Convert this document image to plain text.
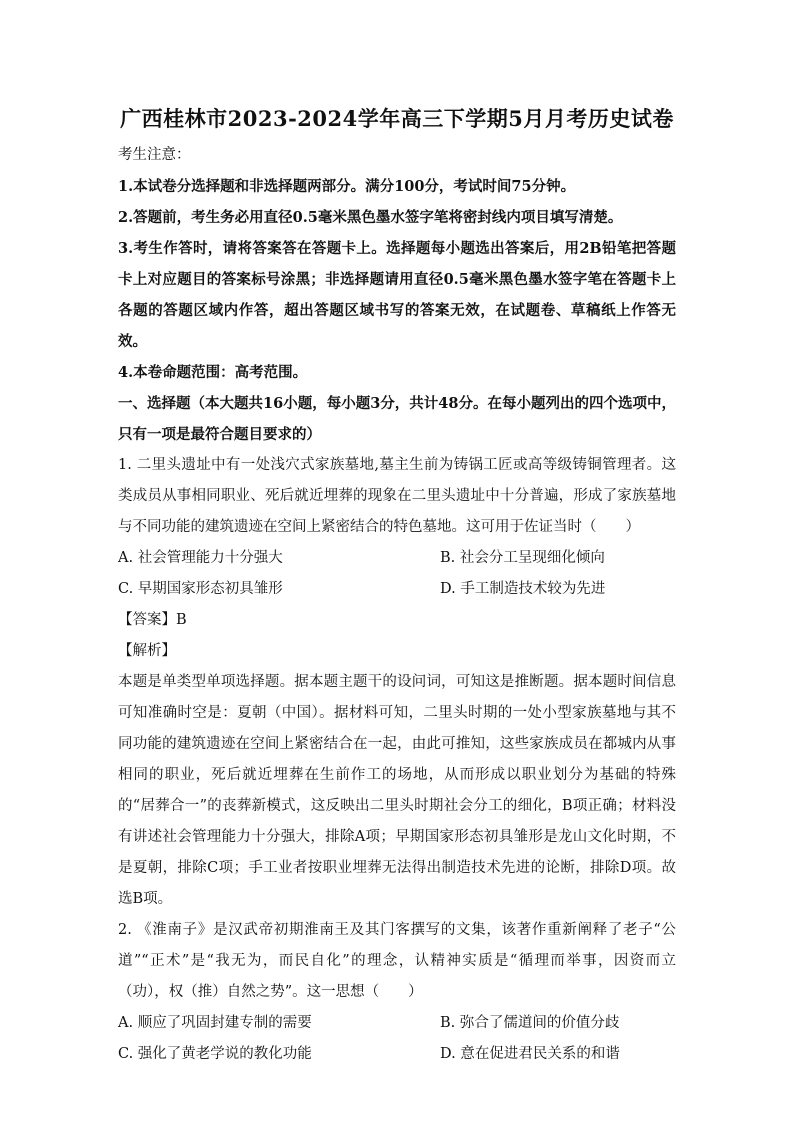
广西桂林市2023-2024学年高三下学期5月月考历史试卷
考生注意：
1.本试卷分选择题和非选择题两部分。满分100分，考试时间75分钟。
2.答题前，考生务必用直径0.5毫米黑色墨水签字笔将密封线内项目填写清楚。
3.考生作答时，请将答案答在答题卡上。选择题每小题选出答案后，用2B铅笔把答题卡上对应题目的答案标号涂黑；非选择题请用直径0.5毫米黑色墨水签字笔在答题卡上各题的答题区域内作答，超出答题区域书写的答案无效，在试题卷、草稿纸上作答无效。
4.本卷命题范围：高考范围。
一、选择题（本大题共16小题，每小题3分，共计48分。在每小题列出的四个选项中，只有一项是最符合题目要求的）
1. 二里头遗址中有一处浅穴式家族墓地,墓主生前为铸锅工匠或高等级铸铜管理者。这类成员从事相同职业、死后就近埋葬的现象在二里头遗址中十分普遍，形成了家族墓地与不同功能的建筑遗迹在空间上紧密结合的特色墓地。这可用于佐证当时（　　）
A. 社会管理能力十分强大	B. 社会分工呈现细化倾向
C. 早期国家形态初具雏形	D. 手工制造技术较为先进
【答案】B
【解析】
本题是单类型单项选择题。据本题主题干的设问词，可知这是推断题。据本题时间信息可知准确时空是：夏朝（中国）。据材料可知，二里头时期的一处小型家族墓地与其不同功能的建筑遗迹在空间上紧密结合在一起，由此可推知，这些家族成员在都城内从事相同的职业，死后就近埋葬在生前作工的场地，从而形成以职业划分为基础的特殊的“居葬合一”的丧葬新模式，这反映出二里头时期社会分工的细化，B项正确；材料没有讲述社会管理能力十分强大，排除A项；早期国家形态初具雏形是龙山文化时期，不是夏朝，排除C项；手工业者按职业埋葬无法得出制造技术先进的论断，排除D项。故选B项。
2. 《淮南子》是汉武帝初期淮南王及其门客撰写的文集，该著作重新阐释了老子“公道”“正术”是“我无为，而民自化”的理念，认精神实质是“循理而举事，因资而立（功），权（推）自然之势”。这一思想（　　）
A. 顺应了巩固封建专制的需要	B. 弥合了儒道间的价值分歧
C. 强化了黄老学说的教化功能	D. 意在促进君民关系的和谐
